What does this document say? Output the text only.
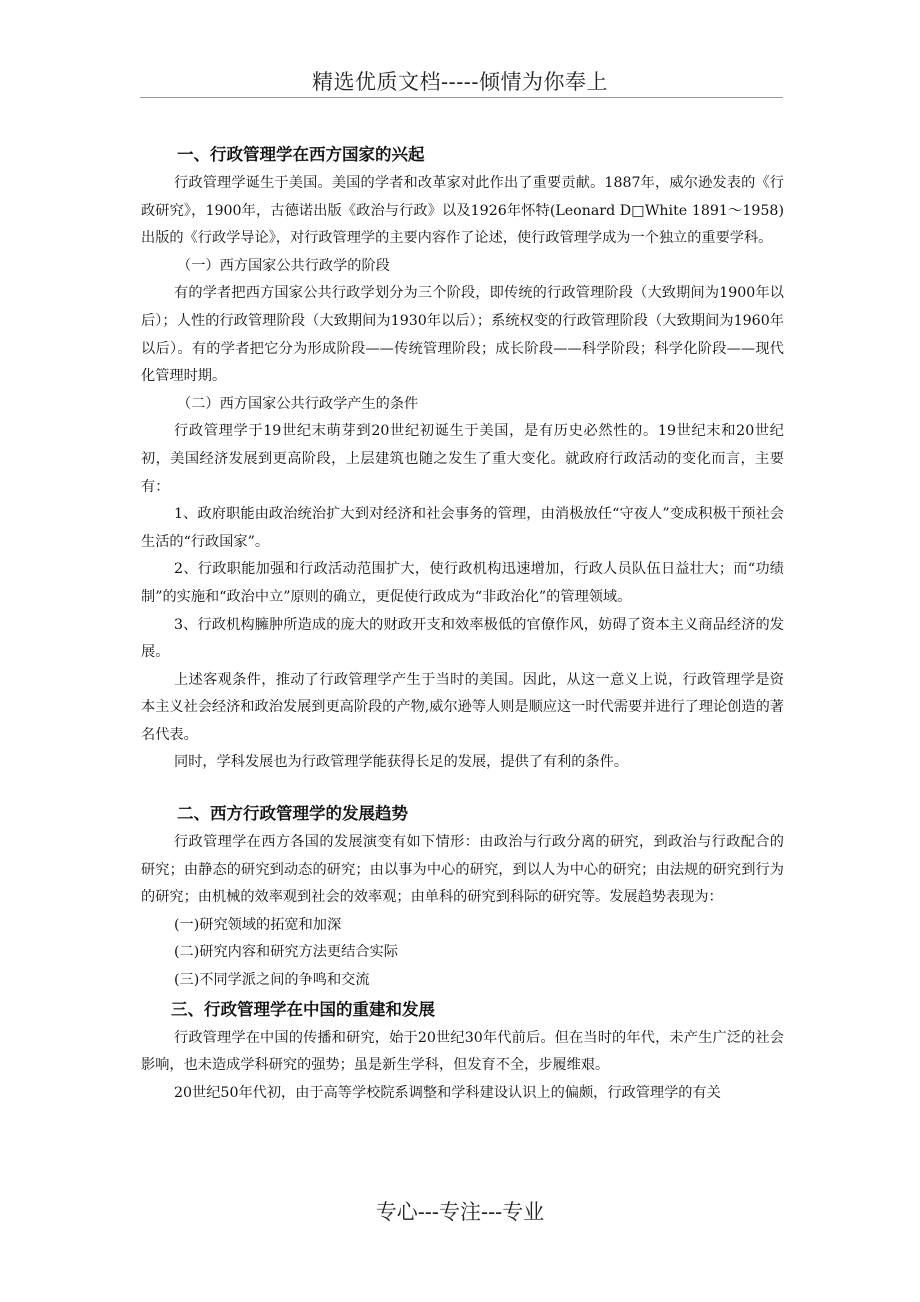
精选优质文档-----倾情为你奉上
一、行政管理学在西方国家的兴起

行政管理学诞生于美国。美国的学者和改革家对此作出了重要贡献。1887年，威尔逊发表的《行政研究》，1900年，古德诺出版《政治与行政》以及1926年怀特(Leonard D□White 1891～1958)出版的《行政学导论》，对行政管理学的主要内容作了论述，使行政管理学成为一个独立的重要学科。

（一）西方国家公共行政学的阶段

有的学者把西方国家公共行政学划分为三个阶段，即传统的行政管理阶段（大致期间为1900年以后）；人性的行政管理阶段（大致期间为1930年以后）；系统权变的行政管理阶段（大致期间为1960年以后）。有的学者把它分为形成阶段——传统管理阶段；成长阶段——科学阶段；科学化阶段——现代化管理时期。

（二）西方国家公共行政学产生的条件

行政管理学于19世纪末萌芽到20世纪初诞生于美国，是有历史必然性的。19世纪末和20世纪初，美国经济发展到更高阶段，上层建筑也随之发生了重大变化。就政府行政活动的变化而言，主要有：

1、政府职能由政治统治扩大到对经济和社会事务的管理，由消极放任“守夜人”变成积极干预社会生活的“行政国家”。

2、行政职能加强和行政活动范围扩大，使行政机构迅速增加，行政人员队伍日益壮大；而“功绩制”的实施和“政治中立”原则的确立，更促使行政成为“非政治化”的管理领域。

3、行政机构臃肿所造成的庞大的财政开支和效率极低的官僚作风，妨碍了资本主义商品经济的发展。

上述客观条件，推动了行政管理学产生于当时的美国。因此，从这一意义上说，行政管理学是资本主义社会经济和政治发展到更高阶段的产物,威尔逊等人则是顺应这一时代需要并进行了理论创造的著名代表。

同时，学科发展也为行政管理学能获得长足的发展，提供了有利的条件。

二、西方行政管理学的发展趋势

行政管理学在西方各国的发展演变有如下情形：由政治与行政分离的研究，到政治与行政配合的研究；由静态的研究到动态的研究；由以事为中心的研究，到以人为中心的研究；由法规的研究到行为的研究；由机械的效率观到社会的效率观；由单科的研究到科际的研究等。发展趋势表现为：

(一)研究领域的拓宽和加深

(二)研究内容和研究方法更结合实际

(三)不同学派之间的争鸣和交流

三、行政管理学在中国的重建和发展

行政管理学在中国的传播和研究，始于20世纪30年代前后。但在当时的年代，未产生广泛的社会影响，也未造成学科研究的强势；虽是新生学科，但发育不全，步履维艰。

20世纪50年代初，由于高等学校院系调整和学科建设认识上的偏颇，行政管理学的有关

专心---专注---专业
